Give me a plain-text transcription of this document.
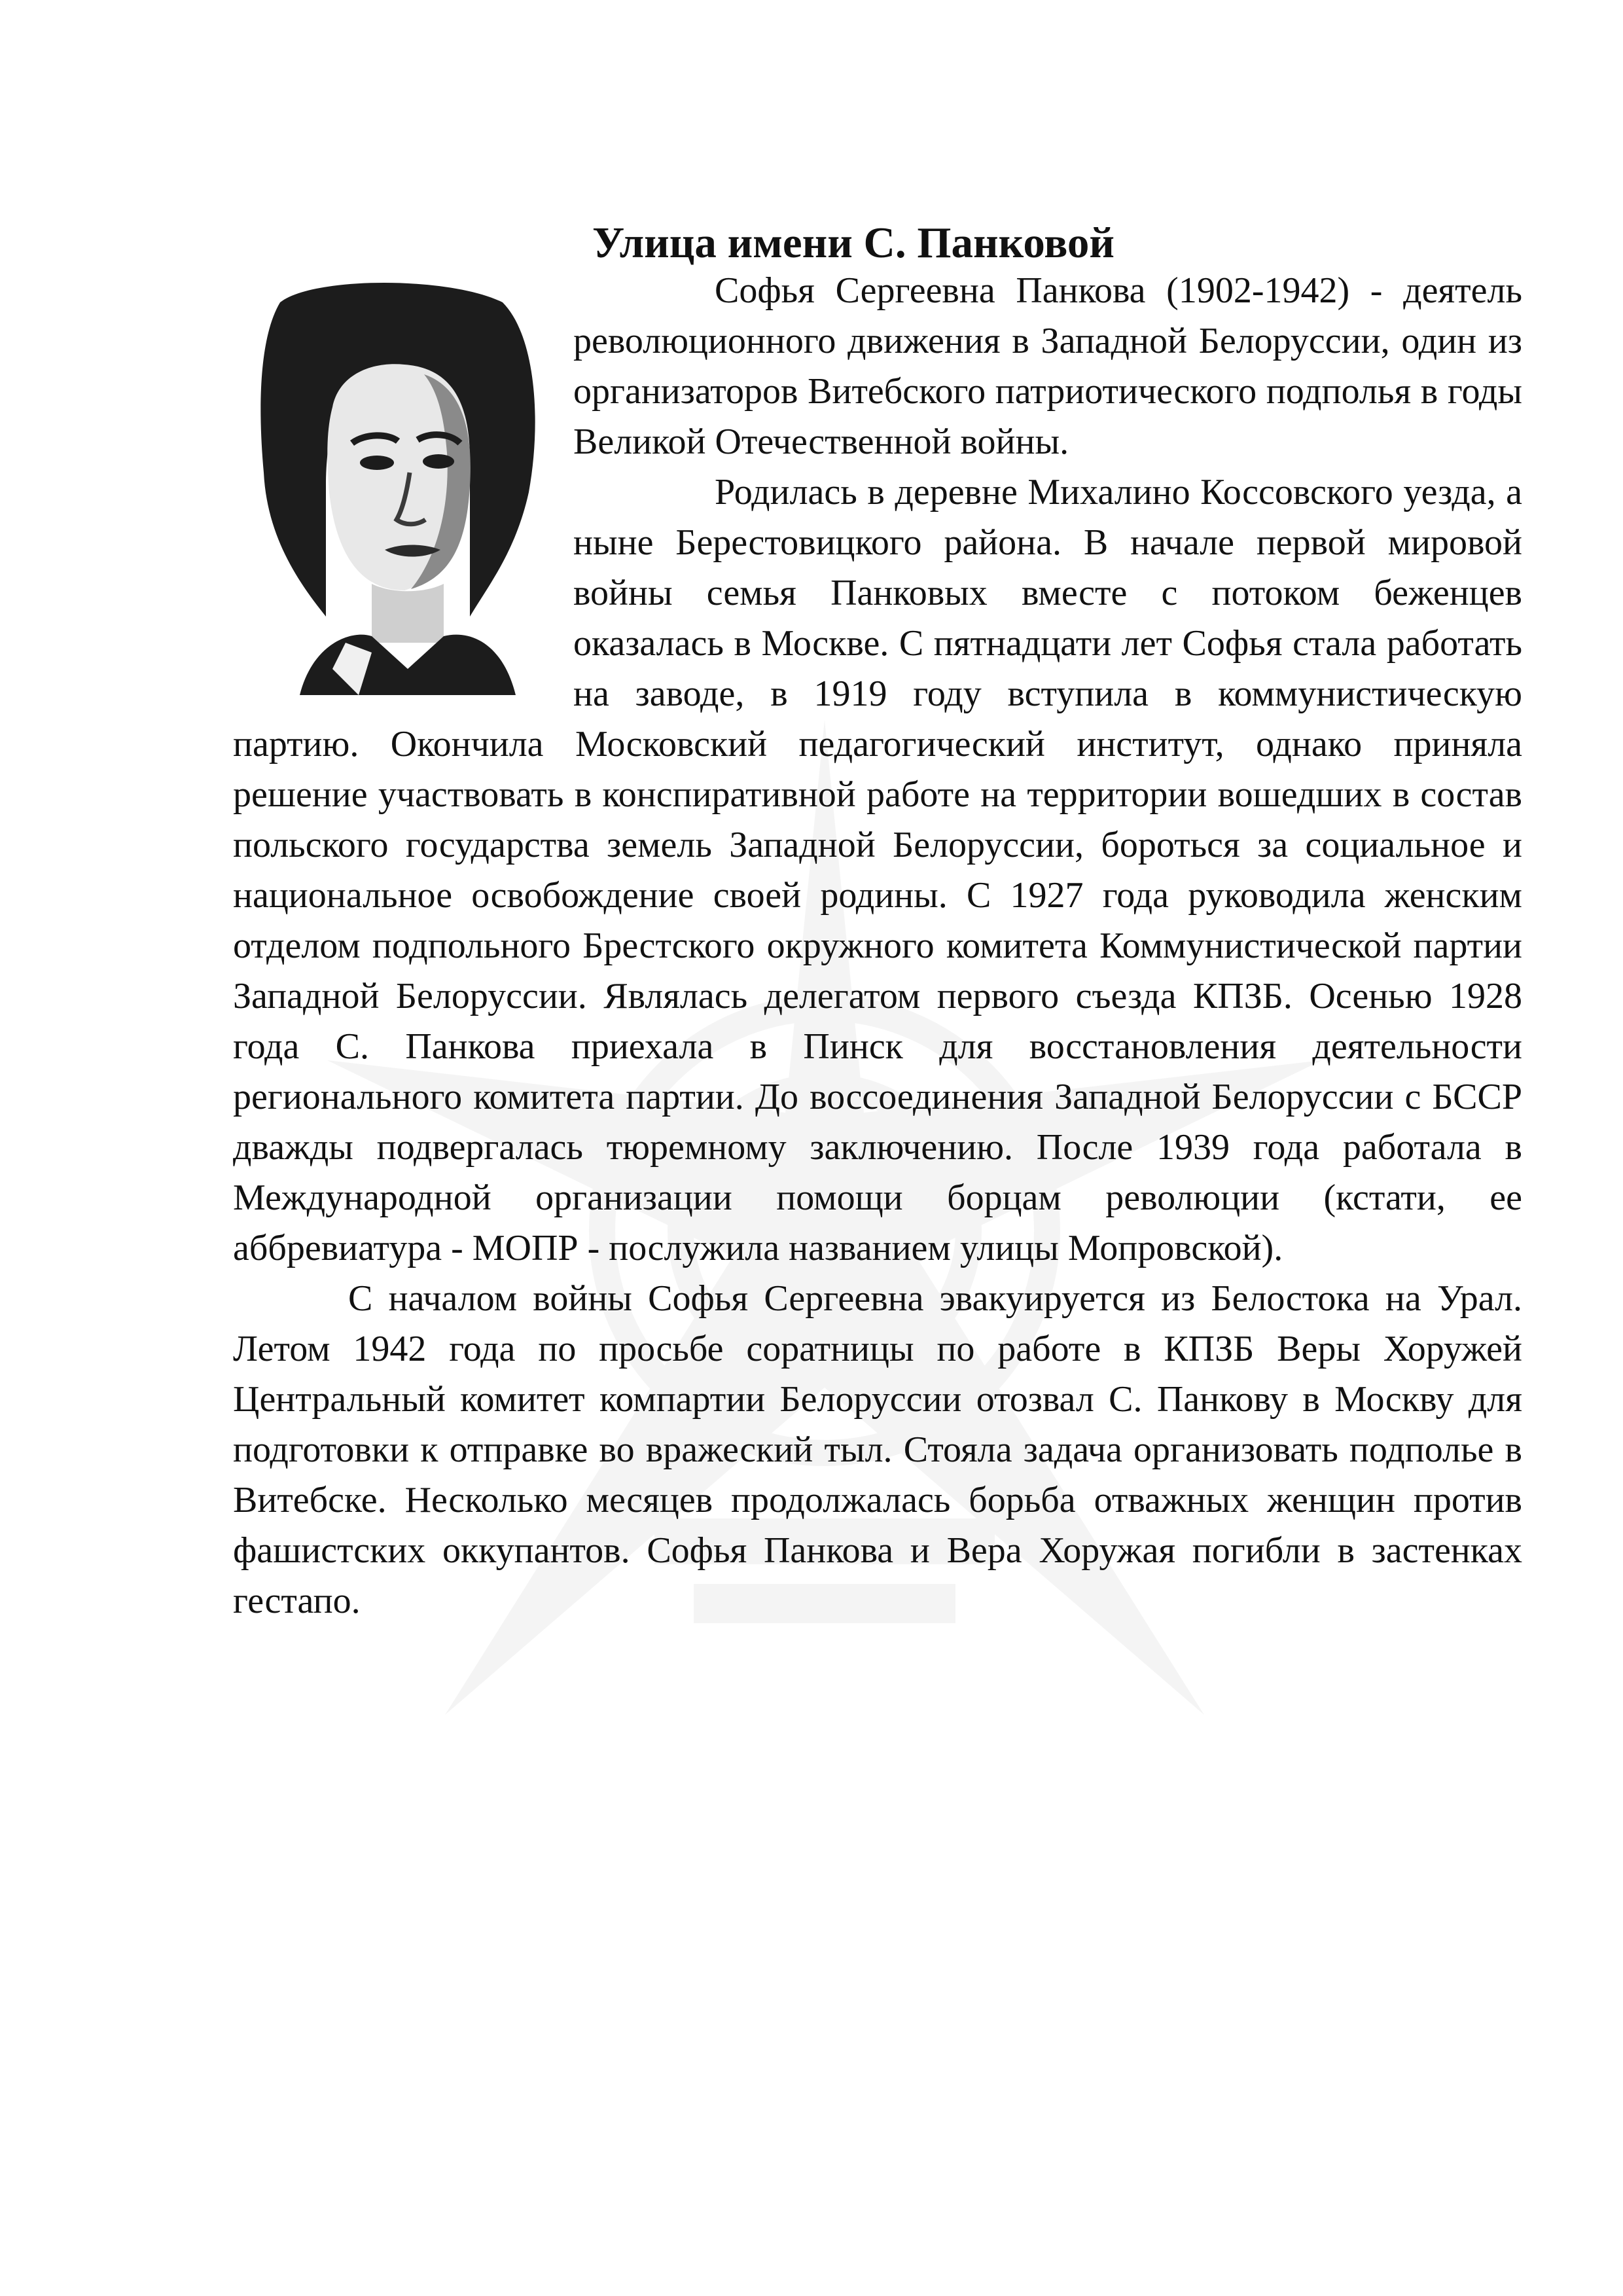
Улица имени С. Панковой

Софья Сергеевна Панкова (1902-1942) - деятель революционного движения в Западной Белоруссии, один из организаторов Витебского патриотического подполья в годы Великой Отечественной войны.

Родилась в деревне Михалино Коссовского уезда, а ныне Берестовицкого района. В начале первой мировой войны семья Панковых вместе с потоком беженцев оказалась в Москве. С пятнадцати лет Софья стала работать на заводе, в 1919 году вступила в коммунистическую партию. Окончила Московский педагогический институт, однако приняла решение участвовать в конспиративной работе на территории вошедших в состав польского государства земель Западной Белоруссии, бороться за социальное и национальное освобождение своей родины. С 1927 года руководила женским отделом подпольного Брестского окружного комитета Коммунистической партии Западной Белоруссии. Являлась делегатом первого съезда КПЗБ. Осенью 1928 года С. Панкова приехала в Пинск для восстановления деятельности регионального комитета партии. До воссоединения Западной Белоруссии с БССР дважды подвергалась тюремному заключению. После 1939 года работала в Международной организации помощи борцам революции (кстати, ее аббревиатура - МОПР - послужила названием улицы Мопровской).

С началом войны Софья Сергеевна эвакуируется из Белостока на Урал. Летом 1942 года по просьбе соратницы по работе в КПЗБ Веры Хоружей Центральный комитет компартии Белоруссии отозвал С. Панкову в Москву для подготовки к отправке во вражеский тыл. Стояла задача организовать подполье в Витебске. Несколько месяцев продолжалась борьба отважных женщин против фашистских оккупантов. Софья Панкова и Вера Хоружая погибли в застенках гестапо.
